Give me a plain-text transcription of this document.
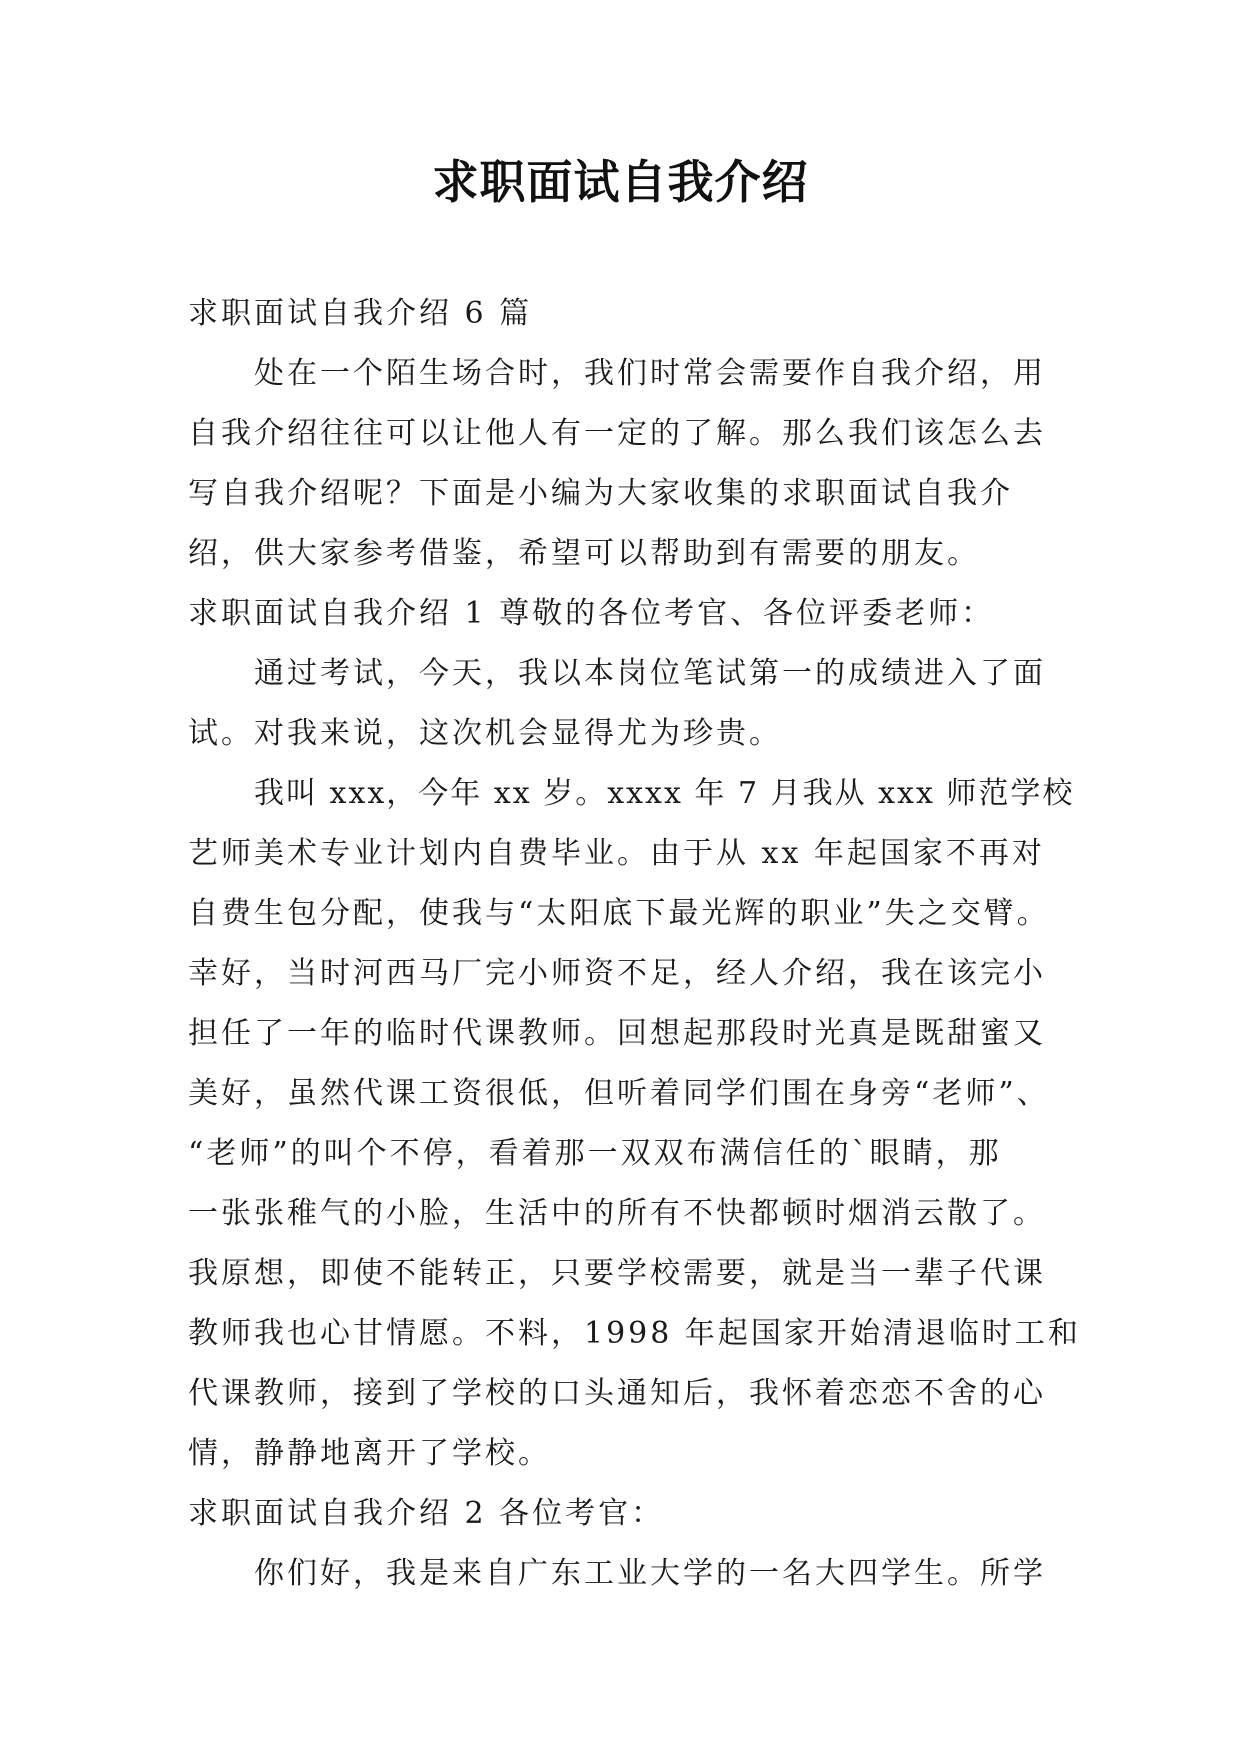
求职面试自我介绍
求职面试自我介绍 6 篇
处在一个陌生场合时，我们时常会需要作自我介绍，用
自我介绍往往可以让他人有一定的了解。那么我们该怎么去
写自我介绍呢？下面是小编为大家收集的求职面试自我介
绍，供大家参考借鉴，希望可以帮助到有需要的朋友。
求职面试自我介绍 1 尊敬的各位考官、各位评委老师：
通过考试，今天，我以本岗位笔试第一的成绩进入了面
试。对我来说，这次机会显得尤为珍贵。
我叫 xxx，今年 xx 岁。xxxx 年 7 月我从 xxx 师范学校
艺师美术专业计划内自费毕业。由于从 xx 年起国家不再对
自费生包分配，使我与“太阳底下最光辉的职业”失之交臂。
幸好，当时河西马厂完小师资不足，经人介绍，我在该完小
担任了一年的临时代课教师。回想起那段时光真是既甜蜜又
美好，虽然代课工资很低，但听着同学们围在身旁“老师”、
“老师”的叫个不停，看着那一双双布满信任的`眼睛，那
一张张稚气的小脸，生活中的所有不快都顿时烟消云散了。
我原想，即使不能转正，只要学校需要，就是当一辈子代课
教师我也心甘情愿。不料，1998 年起国家开始清退临时工和
代课教师，接到了学校的口头通知后，我怀着恋恋不舍的心
情，静静地离开了学校。
求职面试自我介绍 2 各位考官：
你们好，我是来自广东工业大学的一名大四学生。所学
